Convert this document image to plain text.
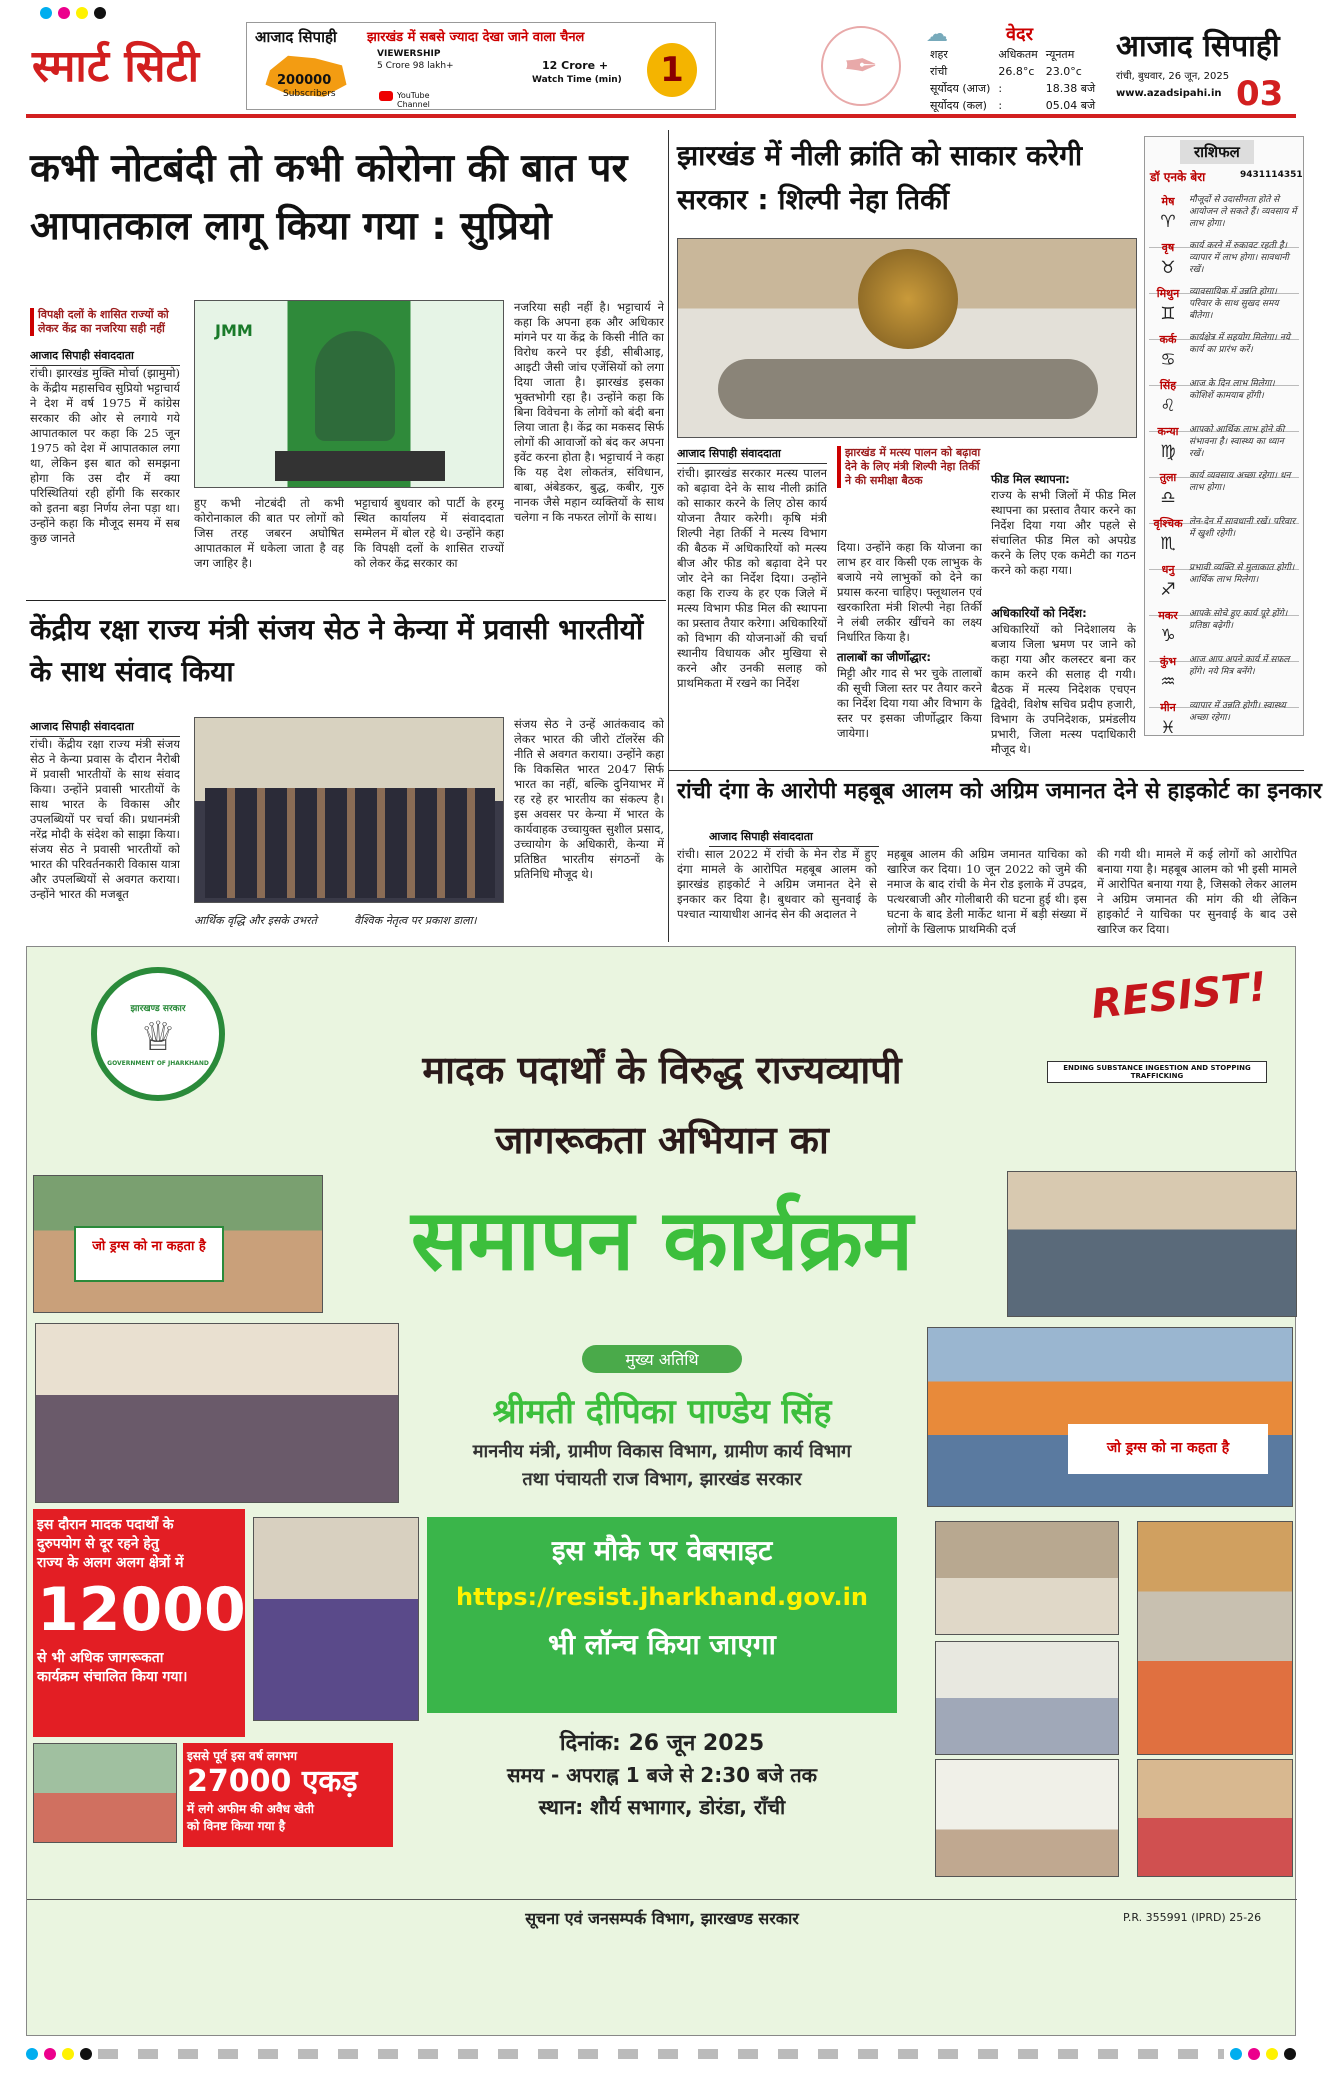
स्मार्ट सिटी
आजाद सिपाही झारखंड में सबसे ज्यादा देखा जाने वाला चैनल
200000
Subscribers
VIEWERSHIP
5 Crore 98 lakh+
YouTube Channel
12 Crore +
Watch Time (min)	1	✒
☁	वेदर
शहर	अधिकतम	न्यूनतम
रांची	26.8°c	23.0°c
सूर्योदय (आज)	:	18.38 बजे
सूर्योदय (कल)	:	05.04 बजे
आजाद सिपाही
रांची, बुधवार, 26 जून, 2025
www.azadsipahi.in 03
कभी नोटबंदी तो कभी कोरोना की बात पर आपातकाल लागू किया गया : सुप्रियो
विपक्षी दलों के शासित राज्यों को लेकर केंद्र का नजरिया सही नहीं
आजाद सिपाही संवाददाता
रांची। झारखंड मुक्ति मोर्चा (झामुमो) के केंद्रीय महासचिव सुप्रियो भट्टाचार्य ने देश में वर्ष 1975 में कांग्रेस सरकार की ओर से लगाये गये आपातकाल पर कहा कि 25 जून 1975 को देश में आपातकाल लगा था, लेकिन इस बात को समझना होगा कि उस दौर में क्या परिस्थितियां रही होंगी कि सरकार को इतना बड़ा निर्णय लेना पड़ा था। उन्होंने कहा कि मौजूद समय में सब कुछ जानते
JMM
हुए कभी नोटबंदी तो कभी कोरोनाकाल की बात पर लोगों को जिस तरह जबरन अघोषित आपातकाल में धकेला जाता है वह जग जाहिर है।
भट्टाचार्य बुधवार को पार्टी के हरमू स्थित कार्यालय में संवाददाता सम्मेलन में बोल रहे थे। उन्होंने कहा कि विपक्षी दलों के शासित राज्यों को लेकर केंद्र सरकार का
नजरिया सही नहीं है। भट्टाचार्य ने कहा कि अपना हक और अधिकार मांगने पर या केंद्र के किसी नीति का विरोध करने पर ईडी, सीबीआइ, आइटी जैसी जांच एजेंसियों को लगा दिया जाता है। झारखंड इसका भुक्तभोगी रहा है। उन्होंने कहा कि बिना विवेचना के लोगों को बंदी बना लिया जाता है। केंद्र का मकसद सिर्फ लोगों की आवाजों को बंद कर अपना इवेंट करना होता है। भट्टाचार्य ने कहा कि यह देश लोकतंत्र, संविधान, बाबा, अंबेडकर, बुद्ध, कबीर, गुरु नानक जैसे महान व्यक्तियों के साथ चलेगा न कि नफरत लोगों के साथ।
केंद्रीय रक्षा राज्य मंत्री संजय सेठ ने केन्या में प्रवासी भारतीयों के साथ संवाद किया
आजाद सिपाही संवाददाता
रांची। केंद्रीय रक्षा राज्य मंत्री संजय सेठ ने केन्या प्रवास के दौरान नैरोबी में प्रवासी भारतीयों के साथ संवाद किया। उन्होंने प्रवासी भारतीयों के साथ भारत के विकास और उपलब्धियों पर चर्चा की। प्रधानमंत्री नरेंद्र मोदी के संदेश को साझा किया। संजय सेठ ने प्रवासी भारतीयों को भारत की परिवर्तनकारी विकास यात्रा और उपलब्धियों से अवगत कराया। उन्होंने भारत की मजबूत
आर्थिक वृद्धि और इसके उभरते	वैश्विक नेतृत्व पर प्रकाश डाला।
संजय सेठ ने उन्हें आतंकवाद को लेकर भारत की जीरो टॉलरेंस की नीति से अवगत कराया। उन्होंने कहा कि विकसित भारत 2047 सिर्फ भारत का नहीं, बल्कि दुनियाभर में रह रहे हर भारतीय का संकल्प है। इस अवसर पर केन्या में भारत के कार्यवाहक उच्चायुक्त सुशील प्रसाद, उच्चायोग के अधिकारी, केन्या में प्रतिष्ठित भारतीय संगठनों के प्रतिनिधि मौजूद थे।
झारखंड में नीली क्रांति को साकार करेगी सरकार : शिल्पी नेहा तिर्की
आजाद सिपाही संवाददाता	झारखंड में मत्स्य पालन को बढ़ावा देने के लिए मंत्री शिल्पी नेहा तिर्की ने की समीक्षा बैठक
रांची। झारखंड सरकार मत्स्य पालन को बढ़ावा देने के साथ नीली क्रांति को साकार करने के लिए ठोस कार्य योजना तैयार करेगी। कृषि मंत्री शिल्पी नेहा तिर्की ने मत्स्य विभाग की बैठक में अधिकारियों को मत्स्य बीज और फीड को बढ़ावा देने पर जोर देने का निर्देश दिया। उन्होंने कहा कि राज्य के हर एक जिले में मत्स्य विभाग फीड मिल की स्थापना का प्रस्ताव तैयार करेगा। अधिकारियों को विभाग की योजनाओं की चर्चा स्थानीय विधायक और मुखिया से करने और उनकी सलाह को प्राथमिकता में रखने का निर्देश
दिया। उन्होंने कहा कि योजना का लाभ हर वार किसी एक लाभुक के बजाये नये लाभुकों को देने का प्रयास करना चाहिए। फ्लूथालन एवं खरकारिता मंत्री शिल्पी नेहा तिर्की ने लंबी लकीर खींचने का लक्ष्य निर्धारित किया है।
तालाबों का जीर्णोद्धार:
मिट्टी और गाद से भर चुके तालाबों की सूची जिला स्तर पर तैयार करने का निर्देश दिया गया और विभाग के स्तर पर इसका जीर्णोद्धार किया जायेगा।
फीड मिल स्थापना:
राज्य के सभी जिलों में फीड मिल स्थापना का प्रस्ताव तैयार करने का निर्देश दिया गया और पहले से संचालित फीड मिल को अपग्रेड करने के लिए एक कमेटी का गठन करने को कहा गया।
अधिकारियों को निर्देश:
अधिकारियों को निदेशालय के बजाय जिला भ्रमण पर जाने को कहा गया और कलस्टर बना कर काम करने की सलाह दी गयी। बैठक में मत्स्य निदेशक एचएन द्विवेदी, विशेष सचिव प्रदीप हजारी, विभाग के उपनिदेशक, प्रमंडलीय प्रभारी, जिला मत्स्य पदाधिकारी मौजूद थे।
राशिफल
डॉ एनके बेरा	9431114351
मेष
♈
मौजूदों से उदासीनता होते से आयोजन ले सकते हैं। व्यवसाय में लाभ होगा।
वृष
♉
कार्य करने में रुकावट रहती है। व्यापार में लाभ होगा। सावधानी रखें।
मिथुन
♊
व्यावसायिक में उन्नति होगा। परिवार के साथ सुखद समय बीतेगा।
कर्क
♋
कार्यक्षेत्र में सहयोग मिलेगा। नये कार्य का प्रारंभ करें।
सिंह
♌
आज के दिन लाभ मिलेगा। कोशिशें कामयाब होंगी।
कन्या
♍
आपको आर्थिक लाभ होने की संभावना है। स्वास्थ्य का ध्यान रखें।
तुला
♎
कार्य व्यवसाय अच्छा रहेगा। धन लाभ होगा।
वृश्चिक
♏
लेन-देन में सावधानी रखें। परिवार में खुशी रहेगी।
धनु
♐
प्रभावी व्यक्ति से मुलाकात होगी। आर्थिक लाभ मिलेगा।
मकर
♑
आपके सोचे हुए कार्य पूरे होंगे। प्रतिष्ठा बढ़ेगी।
कुंभ
♒
आज आप अपने कार्य में सफल होंगे। नये मित्र बनेंगे।
मीन
♓
व्यापार में उन्नति होगी। स्वास्थ्य अच्छा रहेगा।
रांची दंगा के आरोपी महबूब आलम को अग्रिम जमानत देने से हाइकोर्ट का इनकार
आजाद सिपाही संवाददाता
रांची। साल 2022 में रांची के मेन रोड में हुए दंगा मामले के आरोपित महबूब आलम को झारखंड हाइकोर्ट ने अग्रिम जमानत देने से इनकार कर दिया है। बुधवार को सुनवाई के पश्चात न्यायाधीश आनंद सेन की अदालत ने
महबूब आलम की अग्रिम जमानत याचिका को खारिज कर दिया। 10 जून 2022 को जुमे की नमाज के बाद रांची के मेन रोड इलाके में उपद्रव, पत्थरबाजी और गोलीबारी की घटना हुई थी। इस घटना के बाद डेली मार्केट थाना में बड़ी संख्या में लोगों के खिलाफ प्राथमिकी दर्ज
की गयी थी। मामले में कई लोगों को आरोपित बनाया गया है। महबूब आलम को भी इसी मामले में आरोपित बनाया गया है, जिसको लेकर आलम ने अग्रिम जमानत की मांग की थी लेकिन हाइकोर्ट ने याचिका पर सुनवाई के बाद उसे खारिज कर दिया।
झारखण्ड सरकार
♕
GOVERNMENT OF JHARKHAND
RESIST!
ENDING SUBSTANCE INGESTION AND STOPPING TRAFFICKING
मादक पदार्थों के विरुद्ध राज्यव्यापी
जागरूकता अभियान का
समापन कार्यक्रम
जो ड्रग्स को ना कहता है
जो ड्रग्स को ना कहता है
मुख्य अतिथि
श्रीमती दीपिका पाण्डेय सिंह
माननीय मंत्री, ग्रामीण विकास विभाग, ग्रामीण कार्य विभाग
तथा पंचायती राज विभाग, झारखंड सरकार
इस मौके पर वेबसाइट
https://resist.jharkhand.gov.in
भी लॉन्च किया जाएगा
इस दौरान मादक पदार्थों के
दुरुपयोग से दूर रहने हेतु
राज्य के अलग अलग क्षेत्रों में
12000
से भी अधिक जागरूकता
कार्यक्रम संचालित किया गया।
इससे पूर्व इस वर्ष लगभग
27000 एकड़
में लगे अफीम की अवैध खेती
को विनष्ट किया गया है
दिनांक: 26 जून 2025
समय - अपराह्न 1 बजे से 2:30 बजे तक
स्थान: शौर्य सभागार, डोरंडा, राँची
सूचना एवं जनसम्पर्क विभाग, झारखण्ड सरकार	P.R. 355991 (IPRD) 25-26
